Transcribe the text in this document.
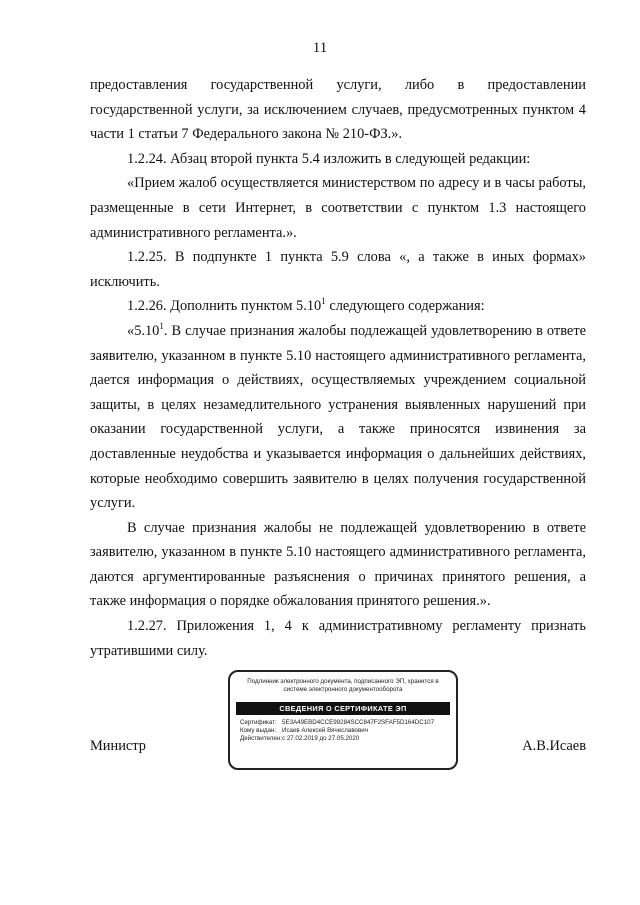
11

предоставления государственной услуги, либо в предоставлении государственной услуги, за исключением случаев, предусмотренных пунктом 4 части 1 статьи 7 Федерального закона № 210-ФЗ.».

1.2.24. Абзац второй пункта 5.4 изложить в следующей редакции:

«Прием жалоб осуществляется министерством по адресу и в часы работы, размещенные в сети Интернет, в соответствии с пунктом 1.3 настоящего административного регламента.».

1.2.25. В подпункте 1 пункта 5.9 слова «, а также в иных формах» исключить.

1.2.26. Дополнить пунктом 5.10$^1$ следующего содержания:

«5.10$^1$. В случае признания жалобы подлежащей удовлетворению в ответе заявителю, указанном в пункте 5.10 настоящего административного регламента, дается информация о действиях, осуществляемых учреждением социальной защиты, в целях незамедлительного устранения выявленных нарушений при оказании государственной услуги, а также приносятся извинения за доставленные неудобства и указывается информация о дальнейших действиях, которые необходимо совершить заявителю в целях получения государственной услуги.

В случае признания жалобы не подлежащей удовлетворению в ответе заявителю, указанном в пункте 5.10 настоящего административного регламента, даются аргументированные разъяснения о причинах принятого решения, а также информация о порядке обжалования принятого решения.».

1.2.27. Приложения 1, 4 к административному регламенту признать утратившими силу.

Министр
Подлинник электронного документа, подписанного ЭП, хранится в системе электронного документооборота
СВЕДЕНИЯ О СЕРТИФИКАТЕ ЭП
Сертификат: 5E3A49EBD4CCE99284SCC847F2SFAF5D164DC107
Кому выдан: Исаев Алексей Вячеславович
Действителен:с 27.02.2019 до 27.05.2020	А.В.Исаев
